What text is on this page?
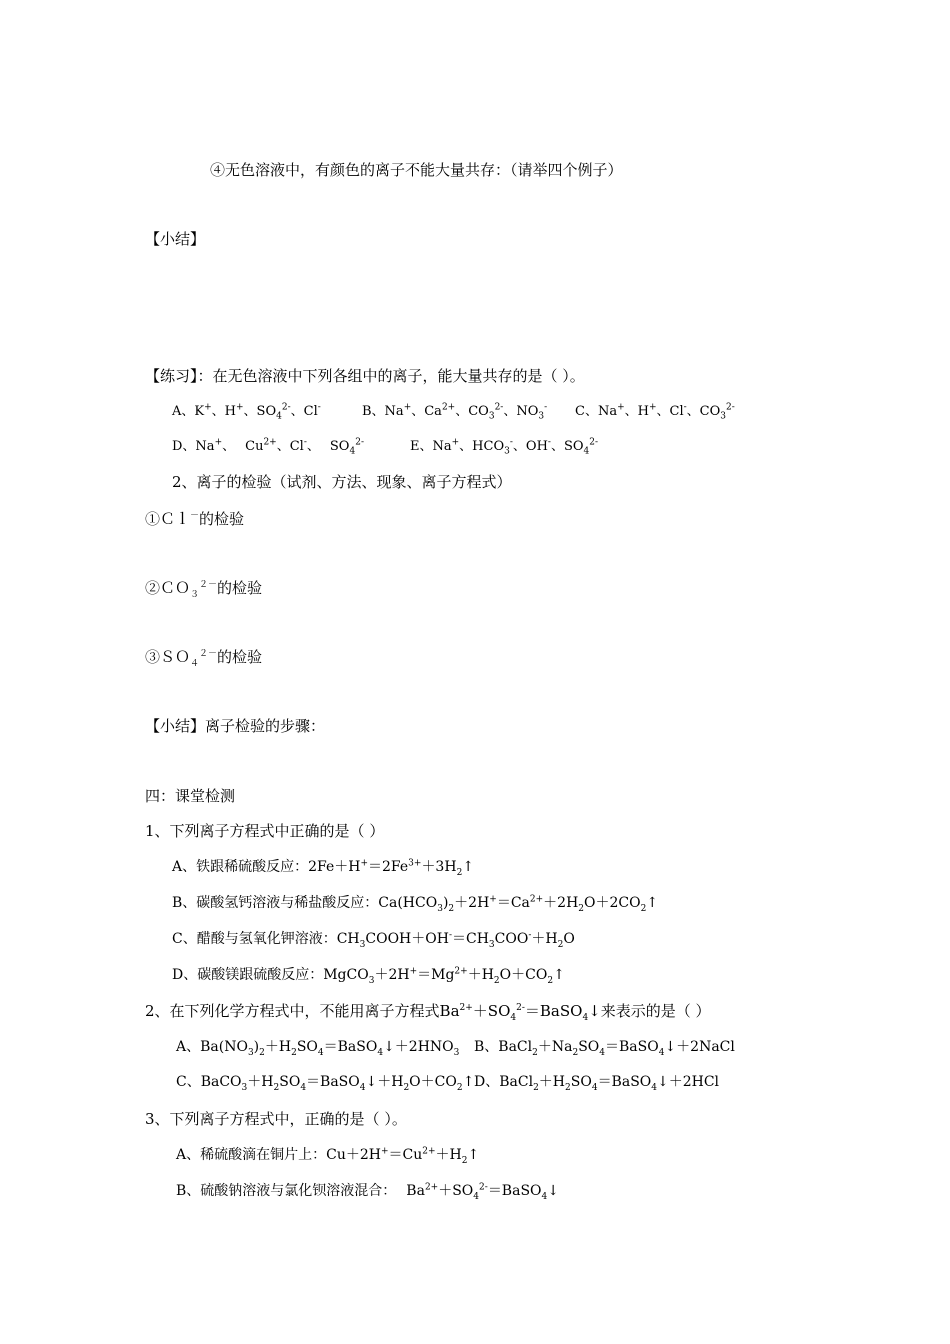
④无色溶液中，有颜色的离子不能大量共存：（请举四个例子）
【小结】
【练习】：在无色溶液中下列各组中的离子，能大量共存的是（ ）。
A、K+、H+、$SO_4^{2-}$、Cl-	B、Na+、$Ca^{2+}$、$CO_3^{2-}$、$NO_3^-$ C、Na+、H+、Cl-、$CO_3^{2-}$
D、Na+、 $Cu^{2+}$、Cl-、 $SO_4^{2-}$	E、Na+、$HCO_3^-$、OH-、$SO_4^{2-}$
2、离子的检验（试剂、方法、现象、离子方程式）
①Ｃｌ－的检验
②ＣＯ$_3^{2-}$的检验
③ＳＯ$_4^{2-}$的检验
【小结】离子检验的步骤：
四：课堂检测
1、下列离子方程式中正确的是（ ）
A、铁跟稀硫酸反应：$2Fe+H^+=2Fe^{3+}+3H_2↑$
B、碳酸氢钙溶液与稀盐酸反应：$Ca(HCO_3)_2+2H^+=Ca^{2+}+2H_2O+2CO_2↑$
C、醋酸与氢氧化钾溶液：$CH_3COOH+OH^-=CH_3COO^-+H_2O$
D、碳酸镁跟硫酸反应：$MgCO_3+2H^+=Mg^{2+}+H_2O+CO_2↑$
2、在下列化学方程式中，不能用离子方程式$Ba^{2+}+SO_4^{2-}=BaSO_4↓$来表示的是（ ）
A、$Ba(NO_3)_2+H_2SO_4=BaSO_4↓+2HNO_3$ B、$BaCl_2+Na_2SO_4=BaSO_4↓+2NaCl$
C、$BaCO_3+H_2SO_4=BaSO_4↓+H_2O+CO_2↑$ D、$BaCl_2+H_2SO_4=BaSO_4↓+2HCl$
3、下列离子方程式中，正确的是（ ）。
A、稀硫酸滴在铜片上：$Cu+2H^+=Cu^{2+}+H_2↑$
B、硫酸钠溶液与氯化钡溶液混合： $Ba^{2+}+SO_4^{2-}=BaSO_4↓$
